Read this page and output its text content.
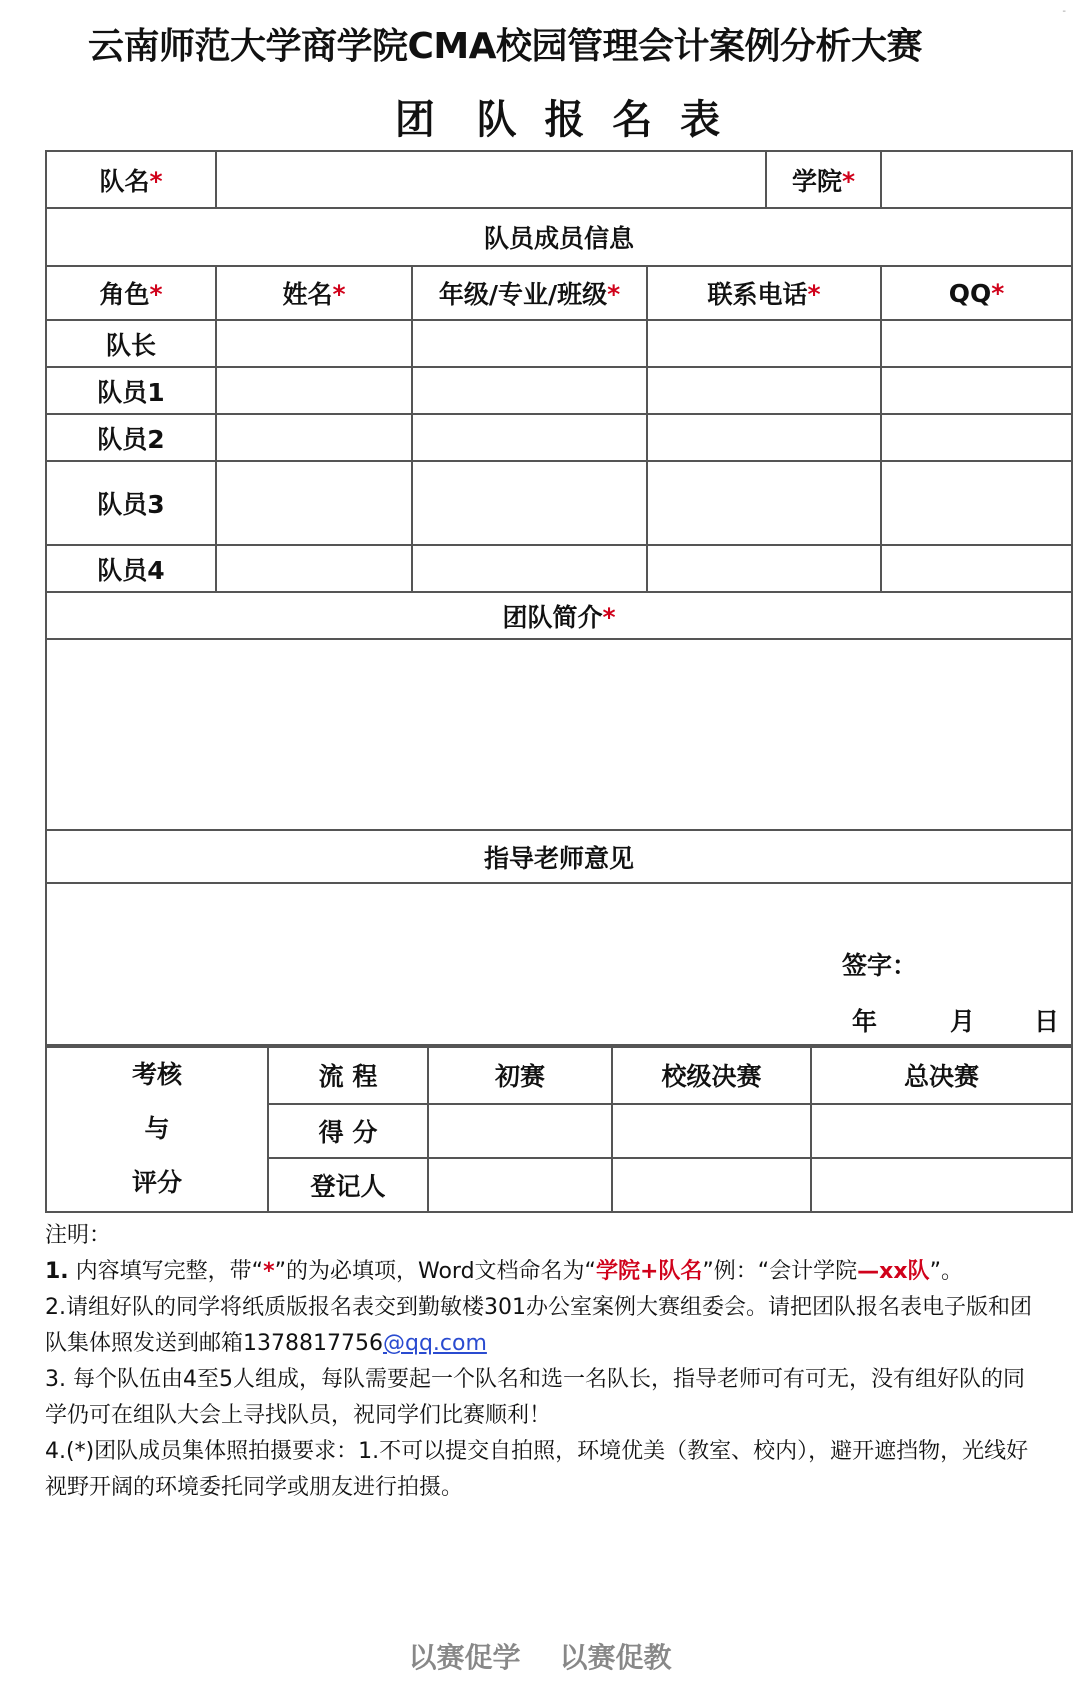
-
云南师范大学商学院CMA校园管理会计案例分析大赛
团   队  报  名  表
队名*				学院*	
队员成员信息					
角色*	姓名*	年级/专业/班级*	联系电话*		QQ*
队长					
队员1					
队员2					
队员3					
队员4					
团队简介*					

指导老师意见					

签字：
年	月 日
考核
与
评分	流 程	初赛	校级决赛	总决赛
	得 分			
	登记人			

注明：

1. 内容填写完整，带“*”的为必填项，Word文档命名为“学院+队名”例：“会计学院—xx队”。

2.请组好队的同学将纸质版报名表交到勤敏楼301办公室案例大赛组委会。请把团队报名表电子版和团队集体照发送到邮箱1378817756@qq.com

3. 每个队伍由4至5人组成，每队需要起一个队名和选一名队长，指导老师可有可无，没有组好队的同学仍可在组队大会上寻找队员，祝同学们比赛顺利！

4.(*)团队成员集体照拍摄要求：1.不可以提交自拍照，环境优美（教室、校内），避开遮挡物，光线好视野开阔的环境委托同学或朋友进行拍摄。

以赛促学    以赛促教
